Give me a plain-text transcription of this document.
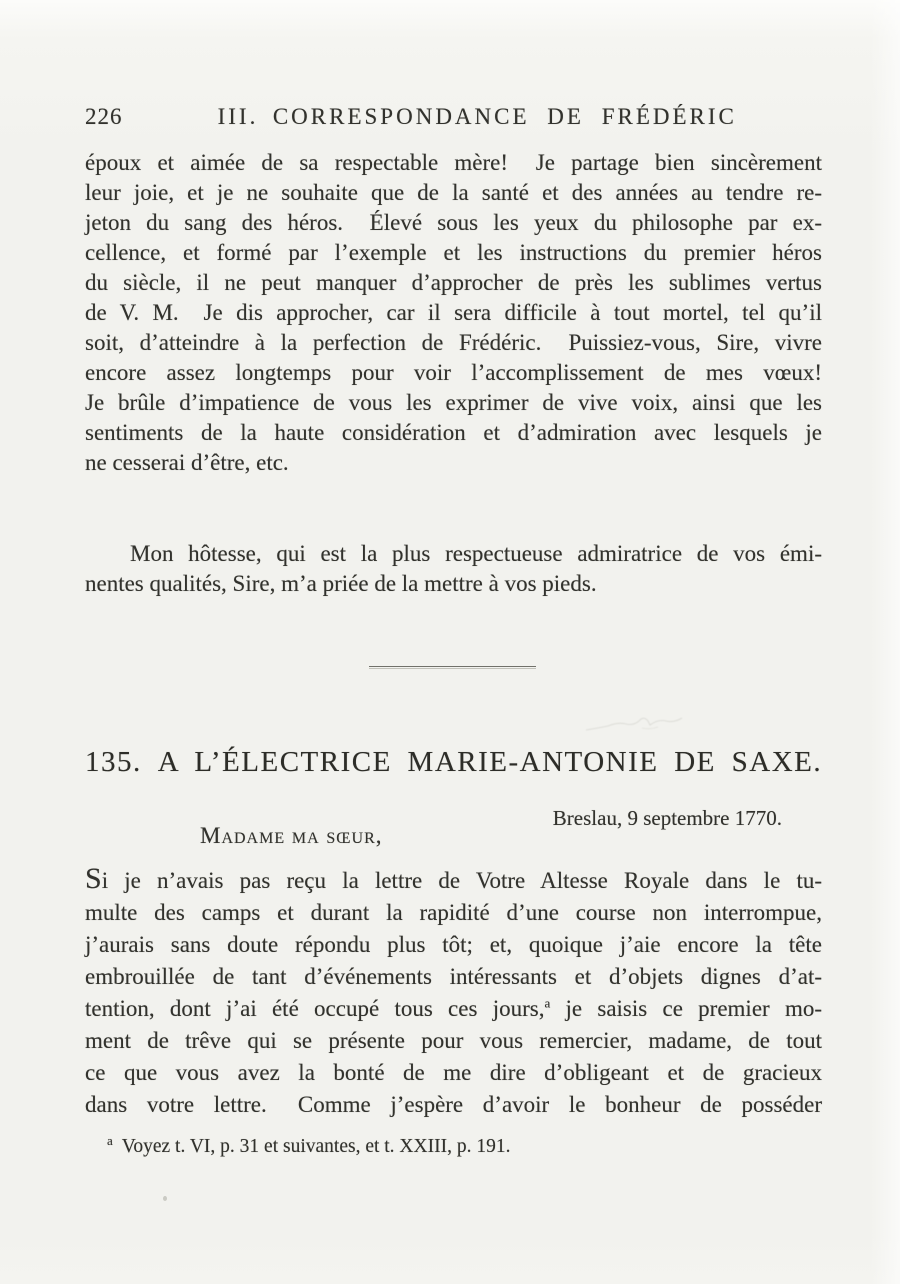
226	III. CORRESPONDANCE DE FRÉDÉRIC
époux et aimée de sa respectable mère!  Je partage bien sincèrement
leur joie, et je ne souhaite que de la santé et des années au tendre re-
jeton du sang des héros.  Élevé sous les yeux du philosophe par ex-
cellence, et formé par l’exemple et les instructions du premier héros
du siècle, il ne peut manquer d’approcher de près les sublimes vertus
de V. M.  Je dis approcher, car il sera difficile à tout mortel, tel qu’il
soit, d’atteindre à la perfection de Frédéric.  Puissiez-vous, Sire, vivre
encore assez longtemps pour voir l’accomplissement de mes vœux!
Je brûle d’impatience de vous les exprimer de vive voix, ainsi que les
sentiments de la haute considération et d’admiration avec lesquels je
ne cesserai d’être, etc.
Mon hôtesse, qui est la plus respectueuse admiratrice de vos émi-
nentes qualités, Sire, m’a priée de la mettre à vos pieds.
135. A L’ÉLECTRICE MARIE-ANTONIE DE SAXE.
Breslau, 9 septembre 1770.
Madame ma sœur,
Si je n’avais pas reçu la lettre de Votre Altesse Royale dans le tu-
multe des camps et durant la rapidité d’une course non interrompue,
j’aurais sans doute répondu plus tôt; et, quoique j’aie encore la tête
embrouillée de tant d’événements intéressants et d’objets dignes d’at-
tention, dont j’ai été occupé tous ces jours,$^a$ je saisis ce premier mo-
ment de trêve qui se présente pour vous remercier, madame, de tout
ce que vous avez la bonté de me dire d’obligeant et de gracieux
dans votre lettre.  Comme j’espère d’avoir le bonheur de posséder
$^a$ Voyez t. VI, p. 31 et suivantes, et t. XXIII, p. 191.
